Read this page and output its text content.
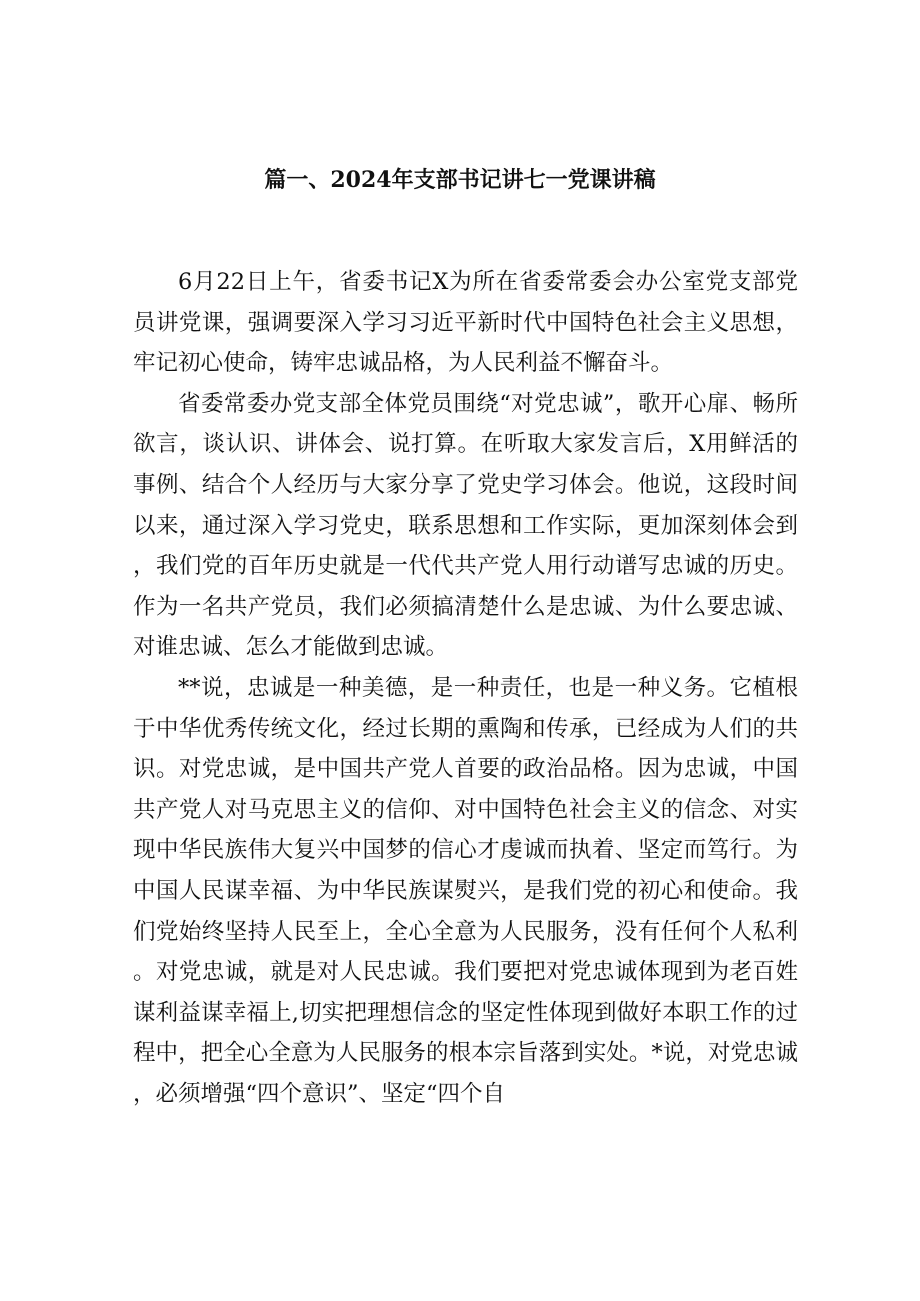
篇一、2024年支部书记讲七一党课讲稿

6月22日上午，省委书记X为所在省委常委会办公室党支部党员讲党课，强调要深入学习习近平新时代中国特色社会主义思想，牢记初心使命，铸牢忠诚品格，为人民利益不懈奋斗。

省委常委办党支部全体党员围绕“对党忠诚”，歌开心扉、畅所欲言，谈认识、讲体会、说打算。在听取大家发言后，X用鲜活的事例、结合个人经历与大家分享了党史学习体会。他说，这段时间以来，通过深入学习党史，联系思想和工作实际，更加深刻体会到，我们党的百年历史就是一代代共产党人用行动谱写忠诚的历史。作为一名共产党员，我们必须搞清楚什么是忠诚、为什么要忠诚、对谁忠诚、怎么才能做到忠诚。

**说，忠诚是一种美德，是一种责任，也是一种义务。它植根于中华优秀传统文化，经过长期的熏陶和传承，已经成为人们的共识。对党忠诚，是中国共产党人首要的政治品格。因为忠诚，中国共产党人对马克思主义的信仰、对中国特色社会主义的信念、对实现中华民族伟大复兴中国梦的信心才虔诚而执着、坚定而笃行。为中国人民谋幸福、为中华民族谋熨兴，是我们党的初心和使命。我们党始终坚持人民至上，全心全意为人民服务，没有任何个人私利。对党忠诚，就是对人民忠诚。我们要把对党忠诚体现到为老百姓谋利益谋幸福上,切实把理想信念的坚定性体现到做好本职工作的过程中，把全心全意为人民服务的根本宗旨落到实处。*说，对党忠诚，必须增强“四个意识”、坚定“四个自
